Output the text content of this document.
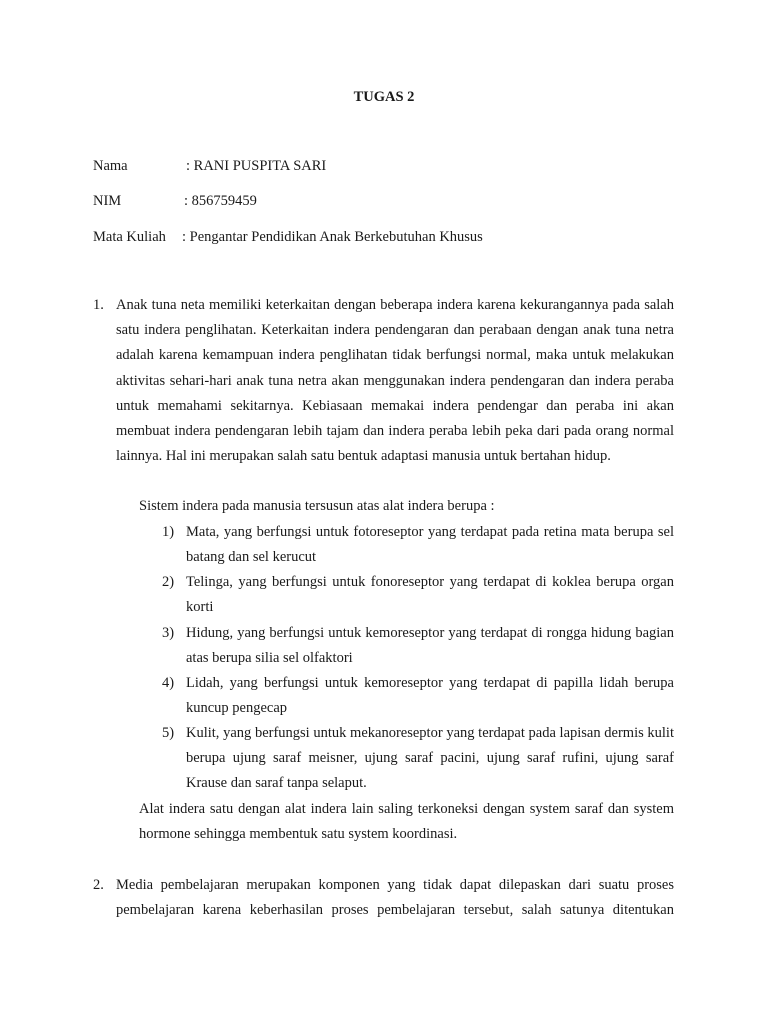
TUGAS 2
Nama	: RANI PUSPITA SARI
NIM	: 856759459
Mata Kuliah : Pengantar Pendidikan Anak Berkebutuhan Khusus
1. Anak tuna neta memiliki keterkaitan dengan beberapa indera karena kekurangannya pada salah satu indera penglihatan. Keterkaitan indera pendengaran dan perabaan dengan anak tuna netra adalah karena kemampuan indera penglihatan tidak berfungsi normal, maka untuk melakukan aktivitas sehari-hari anak tuna netra akan menggunakan indera pendengaran dan indera peraba untuk memahami sekitarnya. Kebiasaan memakai indera pendengar dan peraba ini akan membuat indera pendengaran lebih tajam dan indera peraba lebih peka dari pada orang normal lainnya. Hal ini merupakan salah satu bentuk adaptasi manusia untuk bertahan hidup.
Sistem indera pada manusia tersusun atas alat indera berupa :
1) Mata, yang berfungsi untuk fotoreseptor yang terdapat pada retina mata berupa sel batang dan sel kerucut
2) Telinga, yang berfungsi untuk fonoreseptor yang terdapat di koklea berupa organ korti
3) Hidung, yang berfungsi untuk kemoreseptor yang terdapat di rongga hidung bagian atas berupa silia sel olfaktori
4) Lidah, yang berfungsi untuk kemoreseptor yang terdapat di papilla lidah berupa kuncup pengecap
5) Kulit, yang berfungsi untuk mekanoreseptor yang terdapat pada lapisan dermis kulit berupa ujung saraf meisner, ujung saraf pacini, ujung saraf rufini, ujung saraf Krause dan saraf tanpa selaput.
Alat indera satu dengan alat indera lain saling terkoneksi dengan system saraf dan system hormone sehingga membentuk satu system koordinasi.
2. Media pembelajaran merupakan komponen yang tidak dapat dilepaskan dari suatu proses pembelajaran karena keberhasilan proses pembelajaran tersebut, salah satunya ditentukan
